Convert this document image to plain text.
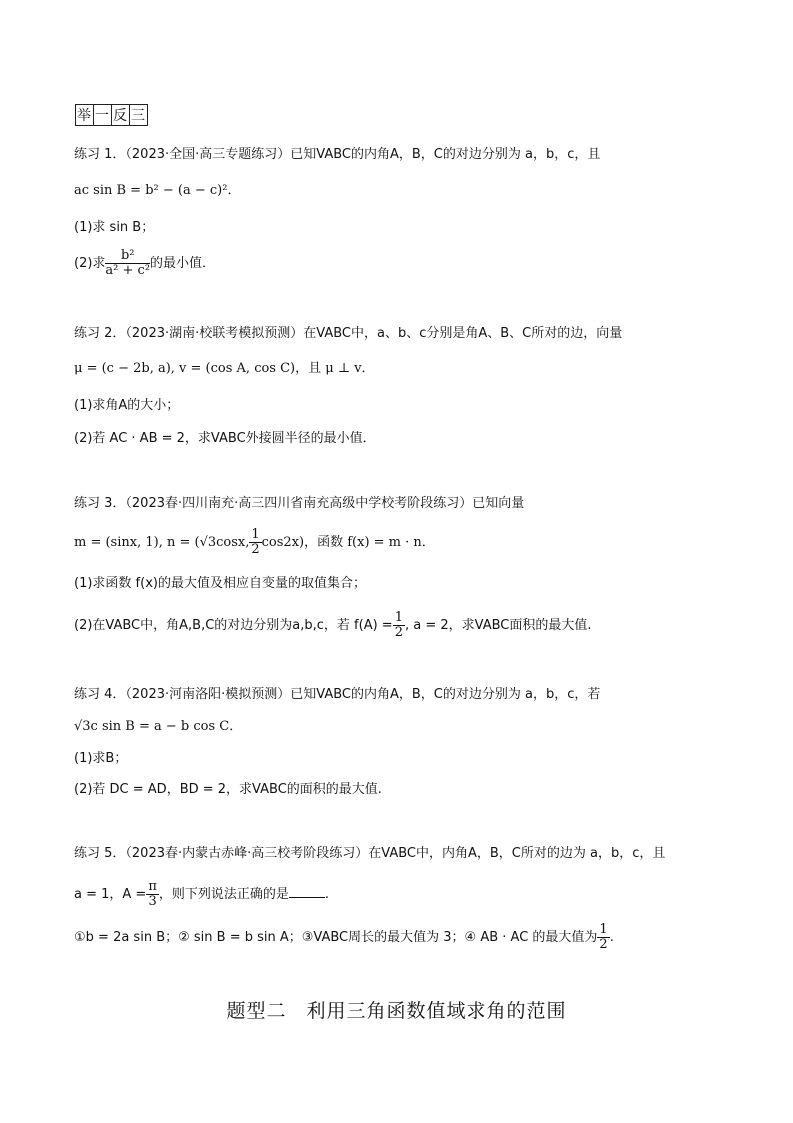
举 一 反 三
练习 1．（2023·全国·高三专题练习）已知VABC的内角A，B，C的对边分别为 a，b，c，且
ac sin B = b² − (a − c)²．
(1)求 sin B；
(2)求 $\frac{\text{b²}}{\text{a² + c²}}$ 的最小值．
练习 2．（2023·湖南·校联考模拟预测）在VABC中，a、b、c分别是角A、B、C所对的边，向量
μ = (c − 2b, a), v = (cos A, cos C)，且 μ ⊥ v．
(1)求角A的大小；
(2)若 AC · AB = 2，求VABC外接圆半径的最小值．
练习 3．（2023春·四川南充·高三四川省南充高级中学校考阶段练习）已知向量
m = (sinx, 1), n = (√3cosx, $\frac{1}{2} \cos 2x$)，函数 f(x) = m · n．
(1)求函数 f(x)的最大值及相应自变量的取值集合；
(2)在VABC中，角A,B,C的对边分别为a,b,c，若 $f(A) = \frac{1}{2}$ , a = 2，求VABC面积的最大值.
练习 4．（2023·河南洛阳·模拟预测）已知VABC的内角A，B，C的对边分别为 a，b，c，若
√3c sin B = a − b cos C．
(1)求B；
(2)若 DC = AD，BD = 2，求VABC的面积的最大值.
练习 5．（2023春·内蒙古赤峰·高三校考阶段练习）在VABC中，内角A，B，C所对的边为 a，b，c，且
a = 1，$A = \frac{\pi}{3}$ ，则下列说法正确的是	.
①b = 2a sin B；② sin B = b sin A；③VABC周长的最大值为 3；④ AB · AC 的最大值为 $\frac{1}{2}$ .
题型二　利用三角函数值域求角的范围
